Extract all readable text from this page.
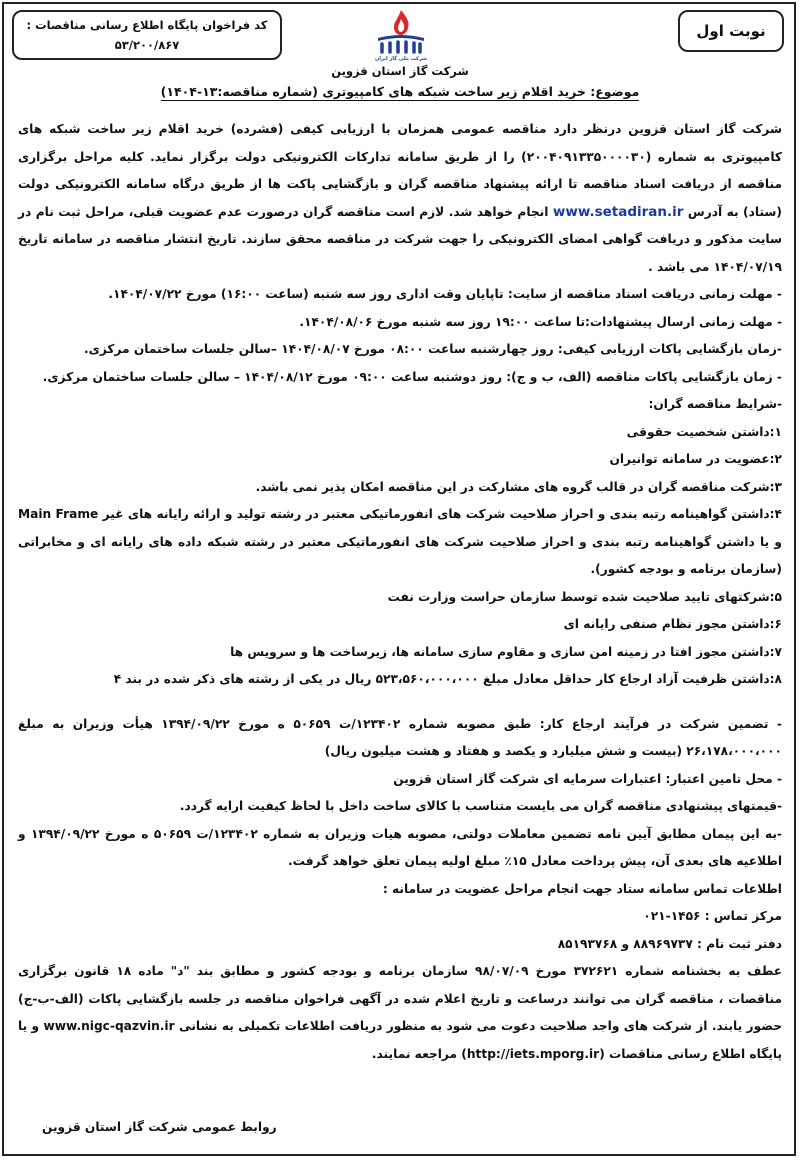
نوبت اول
کد فراخوان پایگاه اطلاع رسانی مناقصات :
۵۳/۲۰۰/۸۶۷
شرکت ملی گاز ایران
شرکت گاز استان قزوین
موضوع: خرید اقلام زیر ساخت شبکه های کامپیوتری (شماره مناقصه:۱۳-۱۴۰۴)

شرکت گاز استان قزوین درنظر دارد مناقصه عمومی همزمان با ارزیابی کیفی (فشرده) خرید اقلام زیر ساخت شبکه های کامپیوتری به شماره (۲۰۰۴۰۹۱۳۳۵۰۰۰۰۳۰) را از طریق سامانه تدارکات الکترونیکی دولت برگزار نماید. کلیه مراحل برگزاری مناقصه از دریافت اسناد مناقصه تا ارائه پیشنهاد مناقصه گران و بازگشایی پاکت ها از طریق درگاه سامانه الکترونیکی دولت (ستاد) به آدرس www.setadiran.ir انجام خواهد شد. لازم است مناقصه گران درصورت عدم عضویت قبلی، مراحل ثبت نام در سایت مذکور و دریافت گواهی امضای الکترونیکی را جهت شرکت در مناقصه محقق سازند. تاریخ انتشار مناقصه در سامانه تاریخ ۱۴۰۴/۰۷/۱۹ می باشد .

- مهلت زمانی دریافت اسناد مناقصه از سایت: تاپایان وقت اداری روز سه شنبه (ساعت ۱۶:۰۰) مورخ ۱۴۰۴/۰۷/۲۲.
- مهلت زمانی ارسال پیشنهادات:تا ساعت ۱۹:۰۰ روز سه شنبه مورخ ۱۴۰۴/۰۸/۰۶.
-زمان بازگشایی پاکات ارزیابی کیفی: روز چهارشنبه ساعت ۰۸:۰۰ مورخ ۱۴۰۴/۰۸/۰۷ –سالن جلسات ساختمان مرکزی.
- زمان بازگشایی پاکات مناقصه (الف، ب و ج): روز دوشنبه ساعت ۰۹:۰۰ مورخ ۱۴۰۴/۰۸/۱۲ – سالن جلسات ساختمان مرکزی.
-شرایط مناقصه گران:
۱:داشتن شخصیت حقوقی
۲:عضویت در سامانه توانیران
۳:شرکت مناقصه گران در قالب گروه های مشارکت در این مناقصه امکان پذیر نمی باشد.

۴:داشتن گواهینامه رتبه بندی و احراز صلاحیت شرکت های انفورماتیکی معتبر در رشته تولید و ارائه رایانه های غیر Main Frame و یا داشتن گواهینامه رتبه بندی و احراز صلاحیت شرکت های انفورماتیکی معتبر در رشته شبکه داده های رایانه ای و مخابراتی (سازمان برنامه و بودجه کشور).

۵:شرکتهای تایید صلاحیت شده توسط سازمان حراست وزارت نفت
۶:داشتن مجوز نظام صنفی رایانه ای
۷:داشتن مجوز افتا در زمینه امن سازی و مقاوم سازی سامانه ها، زیرساخت ها و سرویس ها
۸:داشتن ظرفیت آزاد ارجاع کار حداقل معادل مبلغ ۵۲۳،۵۶۰،۰۰۰،۰۰۰ ریال در یکی از رشته های ذکر شده در بند ۴

- تضمین شرکت در فرآیند ارجاع کار: طبق مصوبه شماره ۱۲۳۴۰۲/ت ۵۰۶۵۹ ه مورخ ۱۳۹۴/۰۹/۲۲ هیأت وزیران به مبلغ ۲۶،۱۷۸،۰۰۰،۰۰۰ (بیست و شش میلیارد و یکصد و هفتاد و هشت میلیون ریال)

- محل تامین اعتبار: اعتبارات سرمایه ای شرکت گاز استان قزوین
-قیمتهای پیشنهادی مناقصه گران می بایست متناسب با کالای ساخت داخل با لحاظ کیفیت ارایه گردد.

-به این پیمان مطابق آیین نامه تضمین معاملات دولتی، مصوبه هیات وزیران به شماره ۱۲۳۴۰۲/ت ۵۰۶۵۹ ه مورخ ۱۳۹۴/۰۹/۲۲ و اطلاعیه های بعدی آن، پیش پرداخت معادل ۱۵٪ مبلغ اولیه پیمان تعلق خواهد گرفت.

اطلاعات تماس سامانه ستاد جهت انجام مراحل عضویت در سامانه :
مرکز تماس : ۱۴۵۶-۰۲۱
دفتر ثبت نام : ۸۸۹۶۹۷۳۷ و ۸۵۱۹۳۷۶۸

عطف به بخشنامه شماره ۳۷۲۶۲۱ مورخ ۹۸/۰۷/۰۹ سازمان برنامه و بودجه کشور و مطابق بند "د" ماده ۱۸ قانون برگزاری مناقصات ، مناقصه گران می توانند درساعت و تاریخ اعلام شده در آگهی فراخوان مناقصه در جلسه بازگشایی پاکات (الف-ب-ج) حضور یابند. از شرکت های واجد صلاحیت دعوت می شود به منظور دریافت اطلاعات تکمیلی به نشانی www.nigc-qazvin.ir و یا پایگاه اطلاع رسانی مناقصات (http://iets.mporg.ir) مراجعه نمایند.

روابط عمومی شرکت گاز استان قزوین
